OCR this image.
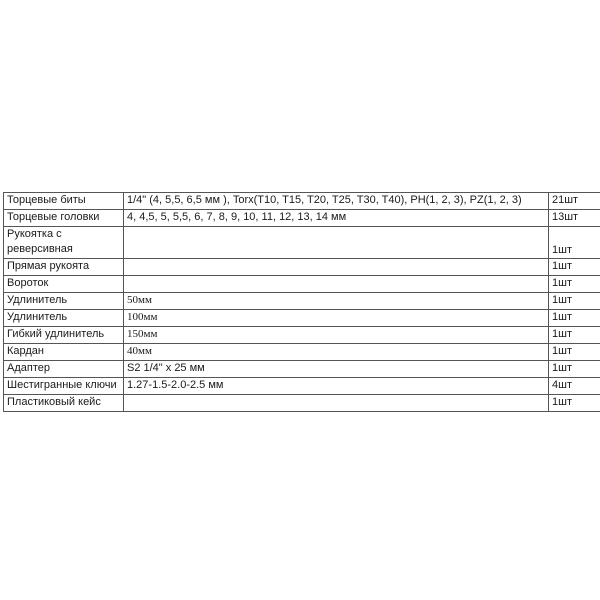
Торцевые биты	1/4" (4, 5,5, 6,5 мм ), Torx(T10, T15, T20, T25, T30, T40), PH(1, 2, 3), PZ(1, 2, 3)	21шт
Торцевые головки	4, 4,5, 5, 5,5, 6, 7, 8, 9, 10, 11, 12, 13, 14 мм	13шт
Рукоятка с реверсивная		1шт
Прямая рукоята		1шт
Вороток		1шт
Удлинитель	50мм	1шт
Удлинитель	100мм	1шт
Гибкий удлинитель	150мм	1шт
Кардан	40мм	1шт
Адаптер	S2 1/4" x 25 мм	1шт
Шестигранные ключи	1.27-1.5-2.0-2.5 мм	4шт
Пластиковый кейс		1шт
